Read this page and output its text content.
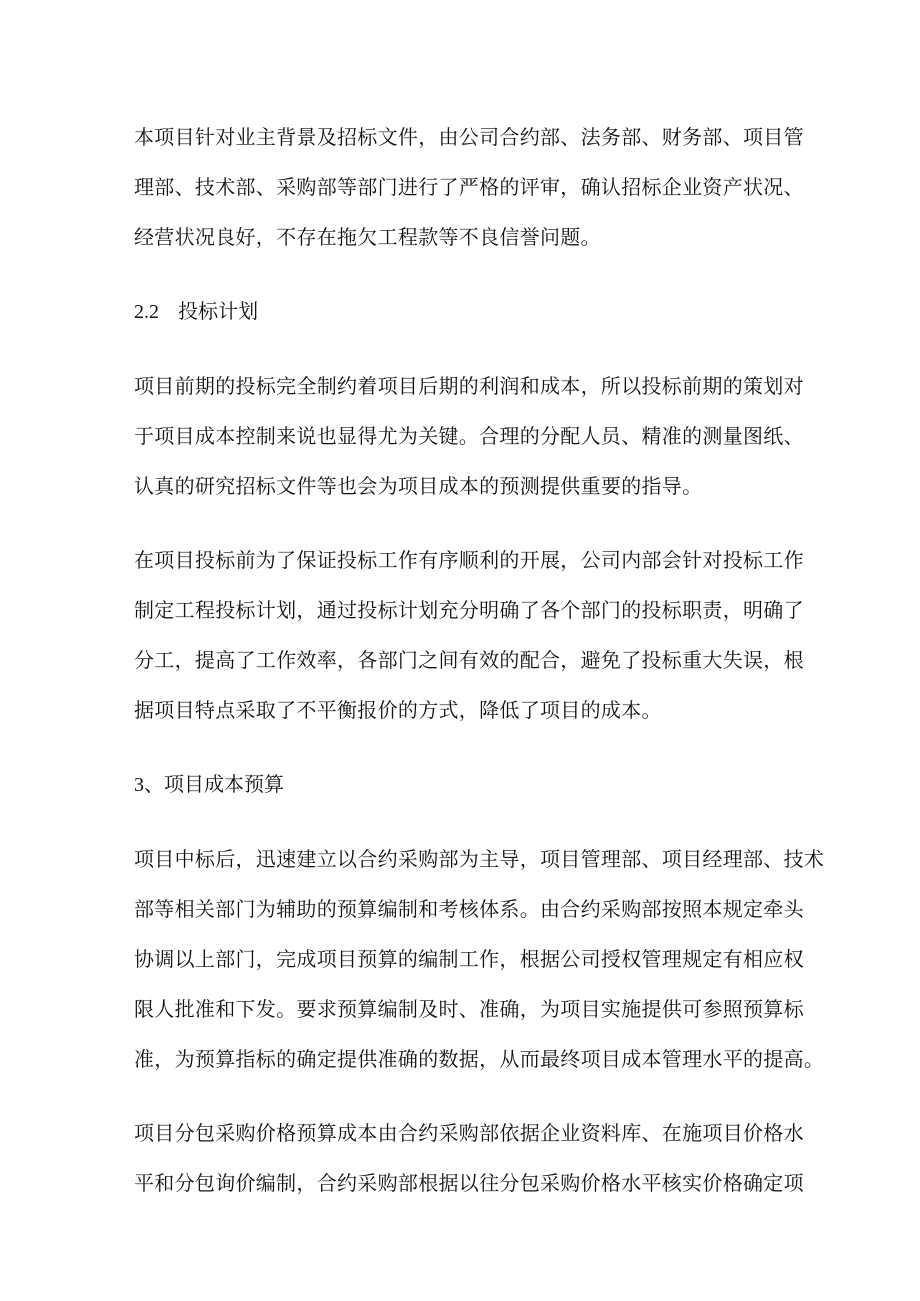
本项目针对业主背景及招标文件，由公司合约部、法务部、财务部、项目管
理部、技术部、采购部等部门进行了严格的评审，确认招标企业资产状况、
经营状况良好，不存在拖欠工程款等不良信誉问题。

2.2 投标计划

项目前期的投标完全制约着项目后期的利润和成本，所以投标前期的策划对
于项目成本控制来说也显得尤为关键。合理的分配人员、精准的测量图纸、
认真的研究招标文件等也会为项目成本的预测提供重要的指导。

在项目投标前为了保证投标工作有序顺利的开展，公司内部会针对投标工作
制定工程投标计划，通过投标计划充分明确了各个部门的投标职责，明确了
分工，提高了工作效率，各部门之间有效的配合，避免了投标重大失误，根
据项目特点采取了不平衡报价的方式，降低了项目的成本。

3、项目成本预算

项目中标后，迅速建立以合约采购部为主导，项目管理部、项目经理部、技术
部等相关部门为辅助的预算编制和考核体系。由合约采购部按照本规定牵头
协调以上部门，完成项目预算的编制工作，根据公司授权管理规定有相应权
限人批准和下发。要求预算编制及时、准确，为项目实施提供可参照预算标
准，为预算指标的确定提供准确的数据，从而最终项目成本管理水平的提高。

项目分包采购价格预算成本由合约采购部依据企业资料库、在施项目价格水
平和分包询价编制，合约采购部根据以往分包采购价格水平核实价格确定项
